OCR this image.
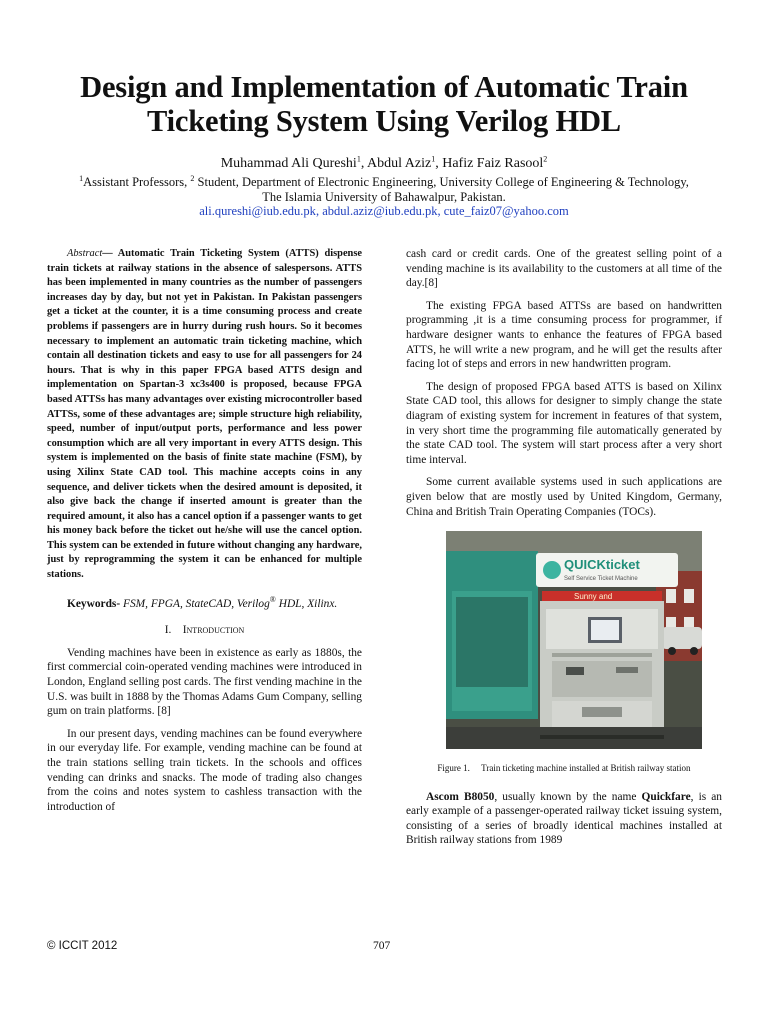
Design and Implementation of Automatic Train
Ticketing System Using Verilog HDL
Muhammad Ali Qureshi$^1$, Abdul Aziz$^1$, Hafiz Faiz Rasool$^2$
$^1$Assistant Professors, $^2$ Student, Department of Electronic Engineering, University College of Engineering & Technology,
The Islamia University of Bahawalpur, Pakistan.
ali.qureshi@iub.edu.pk, abdul.aziz@iub.edu.pk, cute_faiz07@yahoo.com

Abstract— Automatic Train Ticketing System (ATTS) dispense train tickets at railway stations in the absence of salespersons. ATTS has been implemented in many countries as the number of passengers increases day by day, but not yet in Pakistan. In Pakistan passengers get a ticket at the counter, it is a time consuming process and create problems if passengers are in hurry during rush hours. So it becomes necessary to implement an automatic train ticketing machine, which contain all destination tickets and easy to use for all passengers for 24 hours. That is why in this paper FPGA based ATTS design and implementation on Spartan-3 xc3s400 is proposed, because FPGA based ATTSs has many advantages over existing microcontroller based ATTSs, some of these advantages are; simple structure high reliability, speed, number of input/output ports, performance and less power consumption which are all very important in every ATTS design. This system is implemented on the basis of finite state machine (FSM), by using Xilinx State CAD tool. This machine accepts coins in any sequence, and deliver tickets when the desired amount is deposited, it also give back the change if inserted amount is greater than the required amount, it also has a cancel option if a passenger wants to get his money back before the ticket out he/she will use the cancel option. This system can be extended in future without changing any hardware, just by reprogramming the system it can be enhanced for multiple stations.

Keywords- FSM, FPGA, StateCAD, Verilog® HDL, Xilinx.

I. Introduction

Vending machines have been in existence as early as 1880s, the first commercial coin-operated vending machines were introduced in London, England selling post cards. The first vending machine in the U.S. was built in 1888 by the Thomas Adams Gum Company, selling gum on train platforms. [8]

In our present days, vending machines can be found everywhere in our everyday life. For example, vending machine can be found at the train stations selling train tickets. In the schools and offices vending can drinks and snacks. The mode of trading also changes from the coins and notes system to cashless transaction with the introduction of

cash card or credit cards. One of the greatest selling point of a vending machine is its availability to the customers at all time of the day.[8]

The existing FPGA based ATTSs are based on handwritten programming ,it is a time consuming process for programmer, if hardware designer wants to enhance the features of FPGA based ATTS, he will write a new program, and he will get the results after facing lot of steps and errors in new handwritten program.

The design of proposed FPGA based ATTS is based on Xilinx State CAD tool, this allows for designer to simply change the state diagram of existing system for increment in features of that system, in very short time the programming file automatically generated by the state CAD tool. The system will start process after a very short time interval.

Some current available systems used in such applications are given below that are mostly used by United Kingdom, Germany, China and British Train Operating Companies (TOCs).

QUICKticket
Self Service Ticket Machine
Sunny and
Figure 1. Train ticketing machine installed at British railway station

Ascom B8050, usually known by the name Quickfare, is an early example of a passenger-operated railway ticket issuing system, consisting of a series of broadly identical machines installed at British railway stations from 1989

© ICCIT 2012	707
